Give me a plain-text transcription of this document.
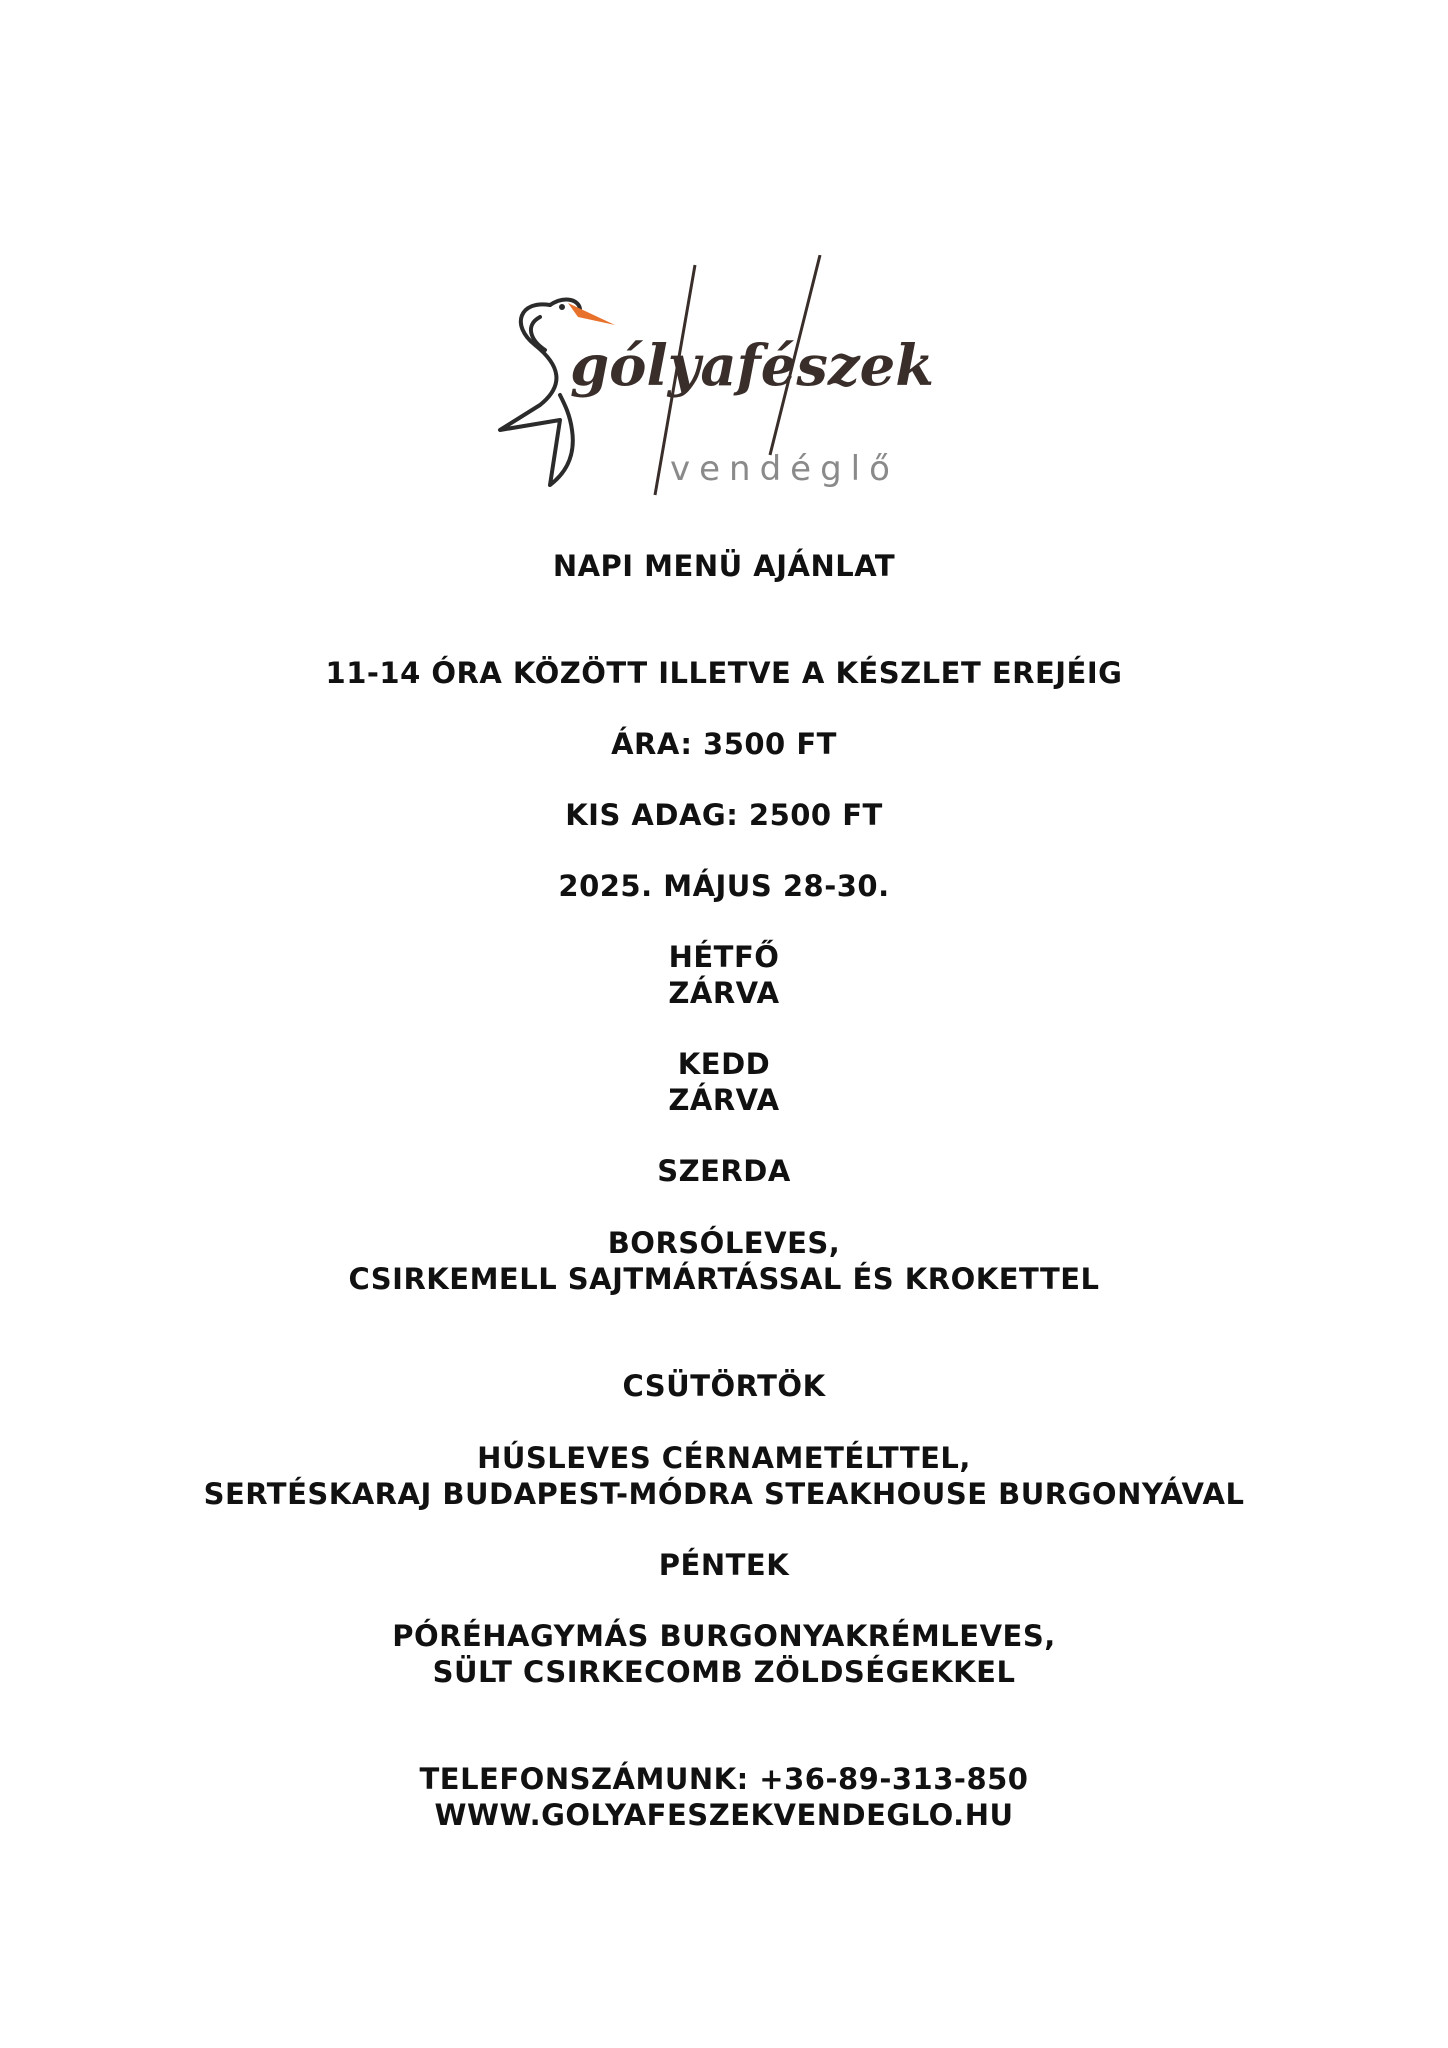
gólyafészek
vendéglő
NAPI MENÜ AJÁNLAT
11-14 ÓRA KÖZÖTT ILLETVE A KÉSZLET EREJÉIG
ÁRA: 3500 FT
KIS ADAG: 2500 FT
2025. MÁJUS 28-30.
HÉTFŐ
ZÁRVA
KEDD
ZÁRVA
SZERDA
BORSÓLEVES,
CSIRKEMELL SAJTMÁRTÁSSAL ÉS KROKETTEL
CSÜTÖRTÖK
HÚSLEVES CÉRNAMETÉLTTEL,
SERTÉSKARAJ BUDAPEST-MÓDRA STEAKHOUSE BURGONYÁVAL
PÉNTEK
PÓRÉHAGYMÁS BURGONYAKRÉMLEVES,
SÜLT CSIRKECOMB ZÖLDSÉGEKKEL
TELEFONSZÁMUNK: +36-89-313-850
WWW.GOLYAFESZEKVENDEGLO.HU
